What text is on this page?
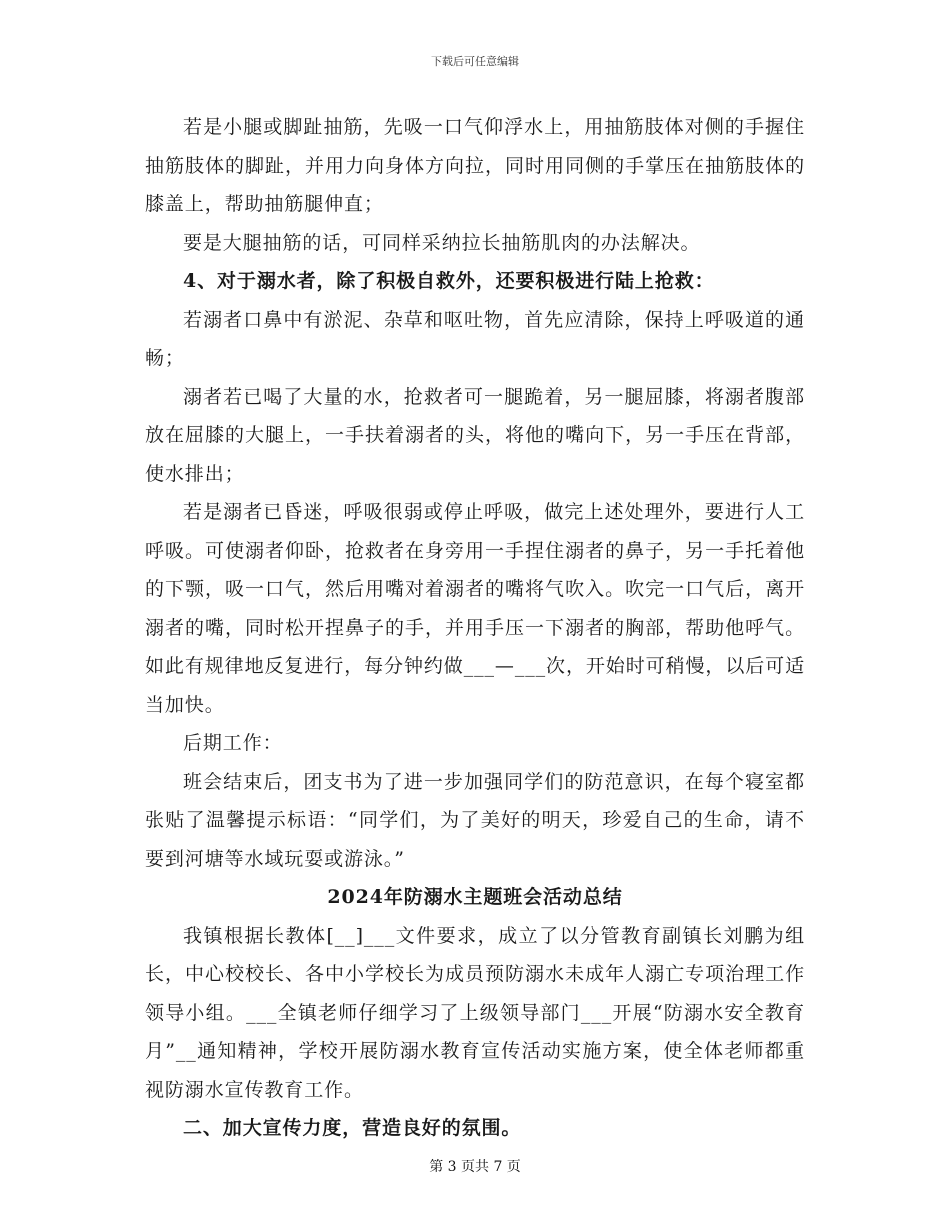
下载后可任意编辑

若是小腿或脚趾抽筋，先吸一口气仰浮水上，用抽筋肢体对侧的手握住抽筋肢体的脚趾，并用力向身体方向拉，同时用同侧的手掌压在抽筋肢体的膝盖上，帮助抽筋腿伸直；

要是大腿抽筋的话，可同样采纳拉长抽筋肌肉的办法解决。

4、对于溺水者，除了积极自救外，还要积极进行陆上抢救：

若溺者口鼻中有淤泥、杂草和呕吐物，首先应清除，保持上呼吸道的通畅；

溺者若已喝了大量的水，抢救者可一腿跪着，另一腿屈膝，将溺者腹部放在屈膝的大腿上，一手扶着溺者的头，将他的嘴向下，另一手压在背部，使水排出；

若是溺者已昏迷，呼吸很弱或停止呼吸，做完上述处理外，要进行人工呼吸。可使溺者仰卧，抢救者在身旁用一手捏住溺者的鼻子，另一手托着他的下颚，吸一口气，然后用嘴对着溺者的嘴将气吹入。吹完一口气后，离开溺者的嘴，同时松开捏鼻子的手，并用手压一下溺者的胸部，帮助他呼气。如此有规律地反复进行，每分钟约做___—___次，开始时可稍慢，以后可适当加快。

后期工作：

班会结束后，团支书为了进一步加强同学们的防范意识，在每个寝室都张贴了温馨提示标语：“同学们，为了美好的明天，珍爱自己的生命，请不要到河塘等水域玩耍或游泳。”

2024年防溺水主题班会活动总结

我镇根据长教体[__]___文件要求，成立了以分管教育副镇长刘鹏为组长，中心校校长、各中小学校长为成员预防溺水未成年人溺亡专项治理工作领导小组。___全镇老师仔细学习了上级领导部门___开展“防溺水安全教育月”__通知精神，学校开展防溺水教育宣传活动实施方案，使全体老师都重视防溺水宣传教育工作。

二、加大宣传力度，营造良好的氛围。

第 3 页共 7 页
